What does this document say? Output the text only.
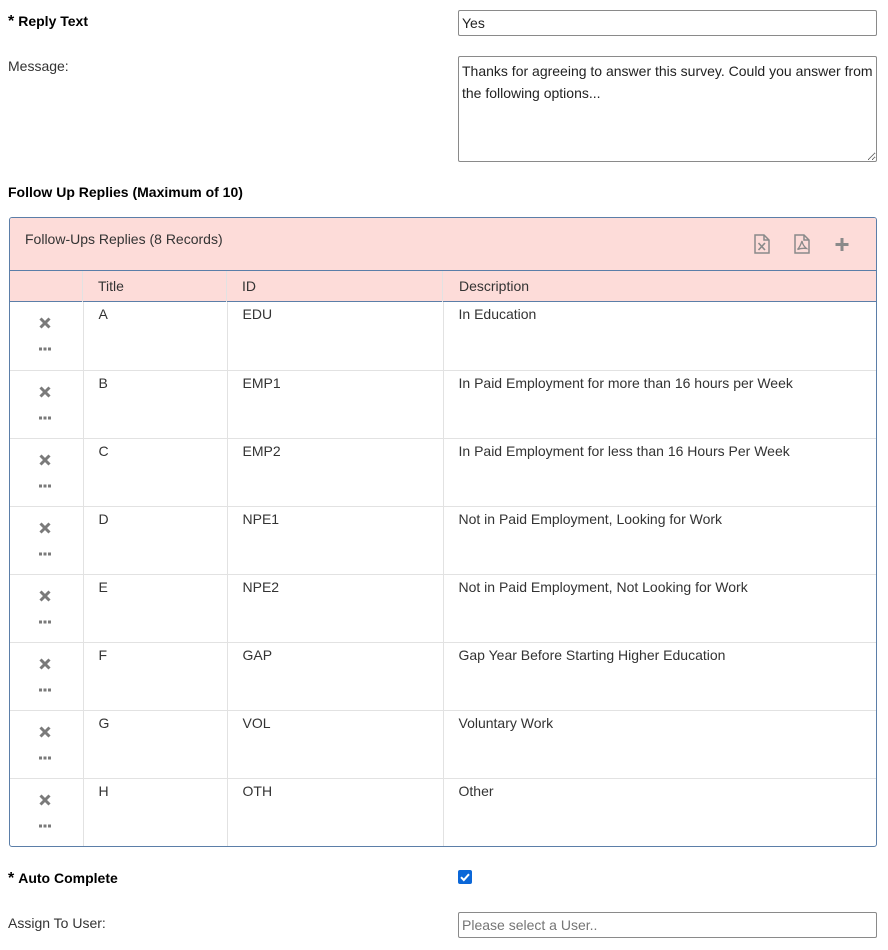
* Reply Text
Yes
Message:
Thanks for agreeing to answer this survey. Could you answer from the following options...
Follow Up Replies (Maximum of 10)
Follow-Ups Replies (8 Records)
Title	ID	Description
	A	EDU	In Education

	B	EMP1	In Paid Employment for more than 16 hours per Week

	C	EMP2	In Paid Employment for less than 16 Hours Per Week

	D	NPE1	Not in Paid Employment, Looking for Work

	E	NPE2	Not in Paid Employment, Not Looking for Work

	F	GAP	Gap Year Before Starting Higher Education

	G	VOL	Voluntary Work

	H	OTH	Other
* Auto Complete
Assign To User:
Please select a User..
